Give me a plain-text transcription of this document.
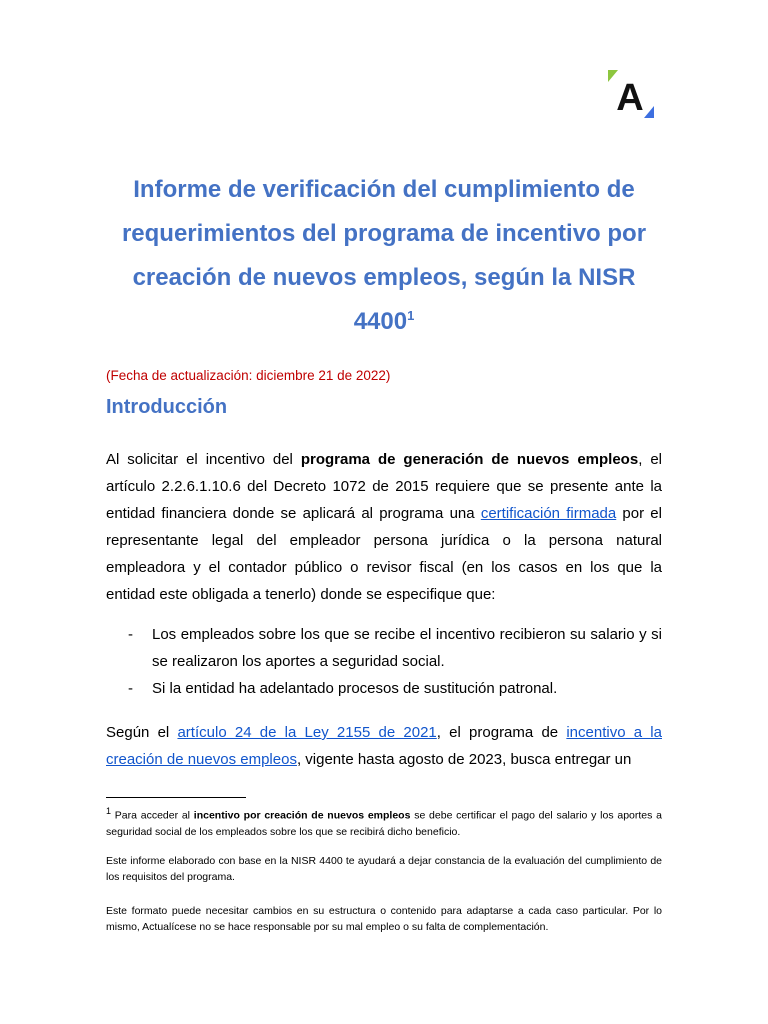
A
Informe de verificación del cumplimiento de requerimientos del programa de incentivo por creación de nuevos empleos, según la NISR 4400$^1$

(Fecha de actualización: diciembre 21 de 2022)

Introducción

Al solicitar el incentivo del programa de generación de nuevos empleos, el artículo 2.2.6.1.10.6 del Decreto 1072 de 2015 requiere que se presente ante la entidad financiera donde se aplicará al programa una certificación firmada por el representante legal del empleador persona jurídica o la persona natural empleadora y el contador público o revisor fiscal (en los casos en los que la entidad este obligada a tenerlo) donde se especifique que:

- Los empleados sobre los que se recibe el incentivo recibieron su salario y si se realizaron los aportes a seguridad social.
- Si la entidad ha adelantado procesos de sustitución patronal.

Según el artículo 24 de la Ley 2155 de 2021, el programa de incentivo a la creación de nuevos empleos, vigente hasta agosto de 2023, busca entregar un

$^1$ Para acceder al incentivo por creación de nuevos empleos se debe certificar el pago del salario y los aportes a seguridad social de los empleados sobre los que se recibirá dicho beneficio.

Este informe elaborado con base en la NISR 4400 te ayudará a dejar constancia de la evaluación del cumplimiento de los requisitos del programa.

Este formato puede necesitar cambios en su estructura o contenido para adaptarse a cada caso particular. Por lo mismo, Actualícese no se hace responsable por su mal empleo o su falta de complementación.
